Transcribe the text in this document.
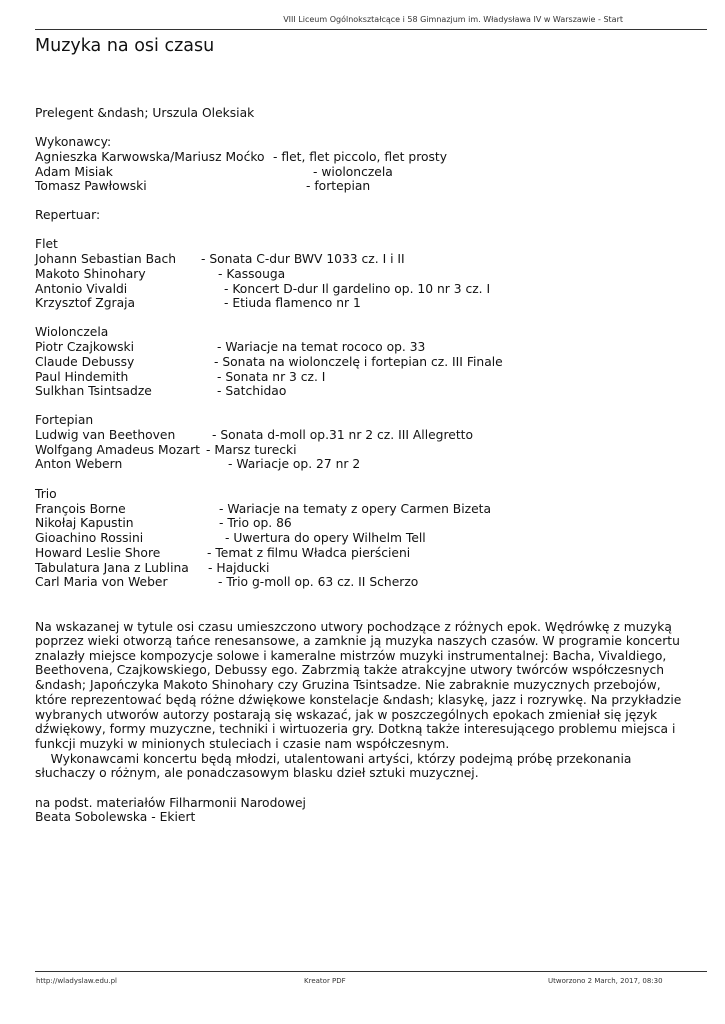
VIII Liceum Ogólnokształcące i 58 Gimnazjum im. Władysława IV w Warszawie - Start
Muzyka na osi czasu
Prelegent &ndash; Urszula Oleksiak
Wykonawcy:
Agnieszka Karwowska/Mariusz Moćko - flet, flet piccolo, flet prosty
Adam Misiak	- wiolonczela
Tomasz Pawłowski	- fortepian
Repertuar:
Flet
Johann Sebastian Bach - Sonata C-dur BWV 1033 cz. I i II
Makoto Shinohary	- Kassouga
Antonio Vivaldi	- Koncert D-dur Il gardelino op. 10 nr 3 cz. I
Krzysztof Zgraja	- Etiuda flamenco nr 1
Wiolonczela
Piotr Czajkowski	- Wariacje na temat rococo op. 33
Claude Debussy	- Sonata na wiolonczelę i fortepian cz. III Finale
Paul Hindemith	- Sonata nr 3 cz. I
Sulkhan Tsintsadze	- Satchidao
Fortepian
Ludwig van Beethoven	- Sonata d-moll op.31 nr 2 cz. III Allegretto
Wolfgang Amadeus Mozart - Marsz turecki
Anton Webern	- Wariacje op. 27 nr 2
Trio
François Borne	- Wariacje na tematy z opery Carmen Bizeta
Nikołaj Kapustin	- Trio op. 86
Gioachino Rossini	- Uwertura do opery Wilhelm Tell
Howard Leslie Shore	- Temat z filmu Władca pierścieni
Tabulatura Jana z Lublina - Hajducki
Carl Maria von Weber	- Trio g-moll op. 63 cz. II Scherzo
Na wskazanej w tytule osi czasu umieszczono utwory pochodzące z różnych epok. Wędrówkę z muzyką
poprzez wieki otworzą tańce renesansowe, a zamknie ją muzyka naszych czasów. W programie koncertu
znalazły miejsce kompozycje solowe i kameralne mistrzów muzyki instrumentalnej: Bacha, Vivaldiego,
Beethovena, Czajkowskiego, Debussy ego. Zabrzmią także atrakcyjne utwory twórców współczesnych
&ndash; Japończyka Makoto Shinohary czy Gruzina Tsintsadze. Nie zabraknie muzycznych przebojów,
które reprezentować będą różne dźwiękowe konstelacje &ndash; klasykę, jazz i rozrywkę. Na przykładzie
wybranych utworów autorzy postarają się wskazać, jak w poszczególnych epokach zmieniał się język
dźwiękowy, formy muzyczne, techniki i wirtuozeria gry. Dotkną także interesującego problemu miejsca i
funkcji muzyki w minionych stuleciach i czasie nam współczesnym.
Wykonawcami koncertu będą młodzi, utalentowani artyści, którzy podejmą próbę przekonania
słuchaczy o różnym, ale ponadczasowym blasku dzieł sztuki muzycznej.
na podst. materiałów Filharmonii Narodowej
Beata Sobolewska - Ekiert
http://wladyslaw.edu.pl	Kreator PDF	Utworzono 2 March, 2017, 08:30
